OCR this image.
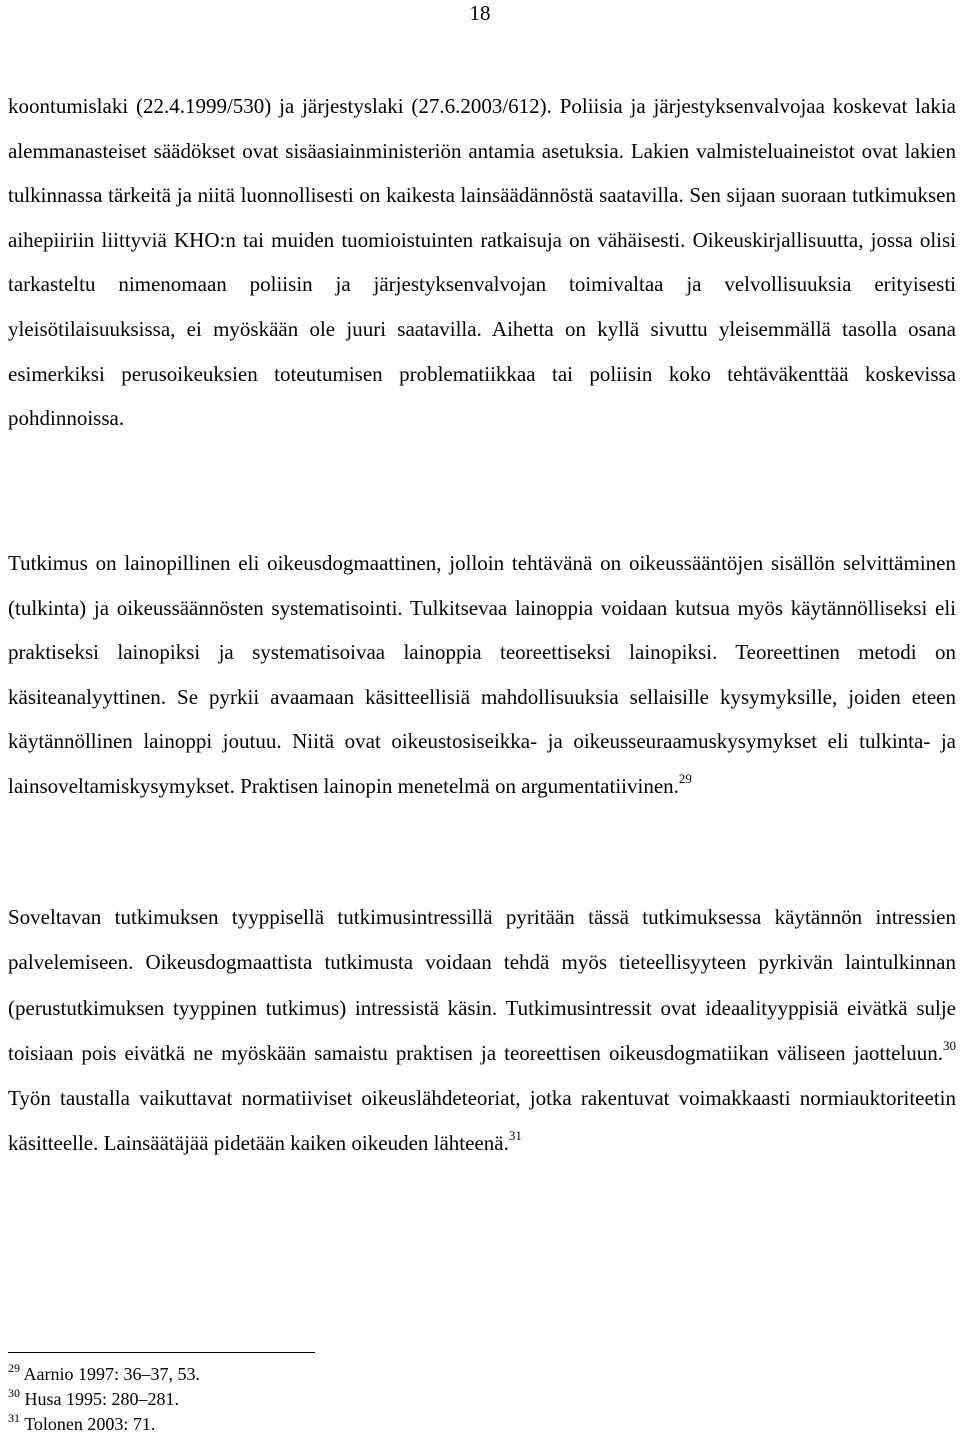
18

koontumislaki (22.4.1999/530) ja järjestyslaki (27.6.2003/612). Poliisia ja järjestyksenvalvojaa koskevat lakia alemmanasteiset säädökset ovat sisäasiainministeriön antamia asetuksia. Lakien valmisteluaineistot ovat lakien tulkinnassa tärkeitä ja niitä luonnollisesti on kaikesta lainsäädännöstä saatavilla. Sen sijaan suoraan tutkimuksen aihepiiriin liittyviä KHO:n tai muiden tuomioistuinten ratkaisuja on vähäisesti. Oikeuskirjallisuutta, jossa olisi tarkasteltu nimenomaan poliisin ja järjestyksenvalvojan toimivaltaa ja velvollisuuksia erityisesti yleisötilaisuuksissa, ei myöskään ole juuri saatavilla. Aihetta on kyllä sivuttu yleisemmällä tasolla osana esimerkiksi perusoikeuksien toteutumisen problematiikkaa tai poliisin koko tehtäväkenttää koskevissa pohdinnoissa.

Tutkimus on lainopillinen eli oikeusdogmaattinen, jolloin tehtävänä on oikeussääntöjen sisällön selvittäminen (tulkinta) ja oikeussäännösten systematisointi. Tulkitsevaa lainoppia voidaan kutsua myös käytännölliseksi eli praktiseksi lainopiksi ja systematisoivaa lainoppia teoreettiseksi lainopiksi. Teoreettinen metodi on käsiteanalyyttinen. Se pyrkii avaamaan käsitteellisiä mahdollisuuksia sellaisille kysymyksille, joiden eteen käytännöllinen lainoppi joutuu. Niitä ovat oikeustosiseikka- ja oikeusseuraamuskysymykset eli tulkinta- ja lainsoveltamiskysymykset. Praktisen lainopin menetelmä on argumentatiivinen.$^{29}$

Soveltavan tutkimuksen tyyppisellä tutkimusintressillä pyritään tässä tutkimuksessa käytännön intressien palvelemiseen. Oikeusdogmaattista tutkimusta voidaan tehdä myös tieteellisyyteen pyrkivän laintulkinnan (perustutkimuksen tyyppinen tutkimus) intressistä käsin. Tutkimusintressit ovat ideaalityyppisiä eivätkä sulje toisiaan pois eivätkä ne myöskään samaistu praktisen ja teoreettisen oikeusdogmatiikan väliseen jaotteluun.$^{30}$ Työn taustalla vaikuttavat normatiiviset oikeuslähdeteoriat, jotka rakentuvat voimakkaasti normiauktoriteetin käsitteelle. Lainsäätäjää pidetään kaiken oikeuden lähteenä.$^{31}$

$^{29}$ Aarnio 1997: 36–37, 53.
$^{30}$ Husa 1995: 280–281.
$^{31}$ Tolonen 2003: 71.
